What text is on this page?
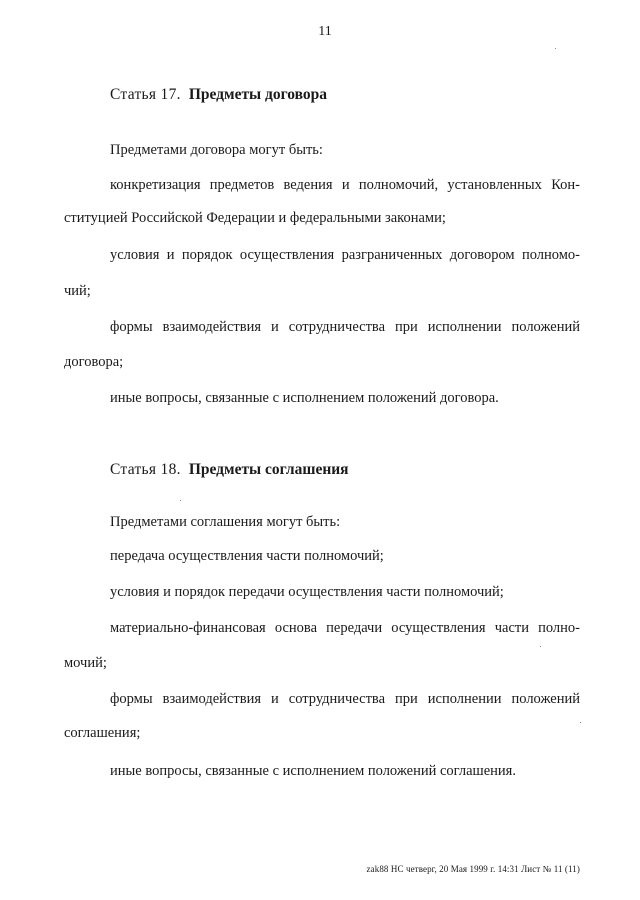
11
Статья 17. Предметы договора
Предметами договора могут быть:
конкретизация предметов ведения и полномочий, установленных Кон-
ституцией Российской Федерации и федеральными законами;
условия и порядок осуществления разграниченных договором полномо-
чий;
формы взаимодействия и сотрудничества при исполнении положений
договора;
иные вопросы, связанные с исполнением положений договора.
Статья 18. Предметы соглашения
Предметами соглашения могут быть:
передача осуществления части полномочий;
условия и порядок передачи осуществления части полномочий;
материально-финансовая основа передачи осуществления части полно-
мочий;
формы взаимодействия и сотрудничества при исполнении положений
соглашения;
иные вопросы, связанные с исполнением положений соглашения.
zak88 НС четверг, 20 Мая 1999 г. 14:31 Лист № 11 (11)
